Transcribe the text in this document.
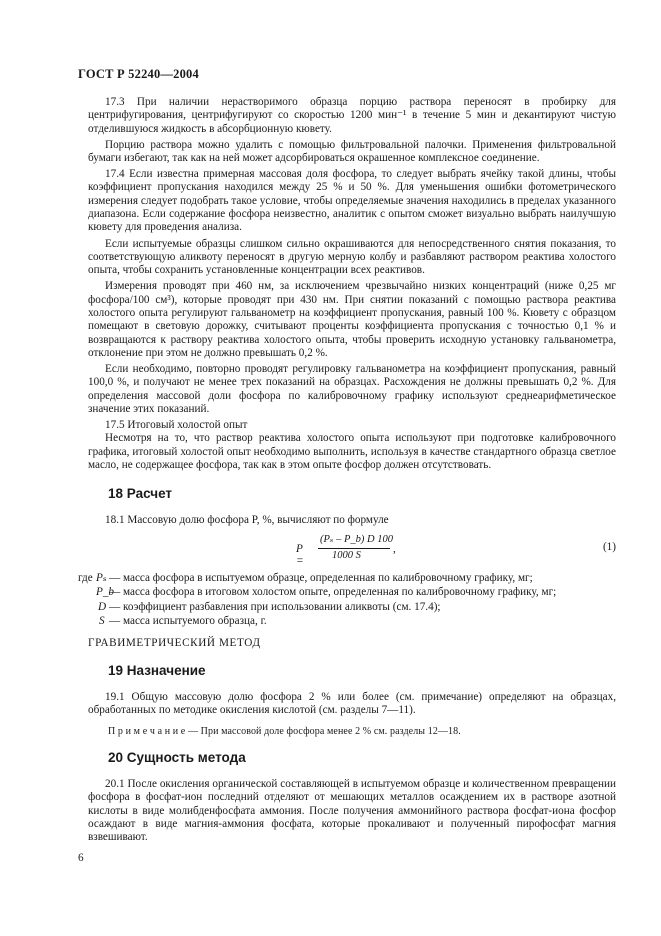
ГОСТ Р 52240—2004

17.3 При наличии нерастворимого образца порцию раствора переносят в пробирку для центрифугирования, центрифугируют со скоростью 1200 мин⁻¹ в течение 5 мин и декантируют чистую отделившуюся жидкость в абсорбционную кювету.

Порцию раствора можно удалить с помощью фильтровальной палочки. Применения фильтровальной бумаги избегают, так как на ней может адсорбироваться окрашенное комплексное соединение.

17.4 Если известна примерная массовая доля фосфора, то следует выбрать ячейку такой длины, чтобы коэффициент пропускания находился между 25 % и 50 %. Для уменьшения ошибки фотометрического измерения следует подобрать такое условие, чтобы определяемые значения находились в пределах указанного диапазона. Если содержание фосфора неизвестно, аналитик с опытом сможет визуально выбрать наилучшую кювету для проведения анализа.

Если испытуемые образцы слишком сильно окрашиваются для непосредственного снятия показания, то соответствующую аликвоту переносят в другую мерную колбу и разбавляют раствором реактива холостого опыта, чтобы сохранить установленные концентрации всех реактивов.

Измерения проводят при 460 нм, за исключением чрезвычайно низких концентраций (ниже 0,25 мг фосфора/100 см³), которые проводят при 430 нм. При снятии показаний с помощью раствора реактива холостого опыта регулируют гальванометр на коэффициент пропускания, равный 100 %. Кювету с образцом помещают в световую дорожку, считывают проценты коэффициента пропускания с точностью 0,1 % и возвращаются к раствору реактива холостого опыта, чтобы проверить исходную установку гальванометра, отклонение при этом не должно превышать 0,2 %.

Если необходимо, повторно проводят регулировку гальванометра на коэффициент пропускания, равный 100,0 %, и получают не менее трех показаний на образцах. Расхождения не должны превышать 0,2 %. Для определения массовой доли фосфора по калибровочному графику используют среднеарифметическое значение этих показаний.

17.5 Итоговый холостой опыт

Несмотря на то, что раствор реактива холостого опыта используют при подготовке калибровочного графика, итоговый холостой опыт необходимо выполнить, используя в качестве стандартного образца светлое масло, не содержащее фосфора, так как в этом опыте фосфор должен отсутствовать.

18 Расчет

18.1 Массовую долю фосфора P, %, вычисляют по формуле

P =
(Pₛ – P_b) D 100
1000 S
,	(1)
где Pₛ — масса фосфора в испытуемом образце, определенная по калибровочному графику, мг;
P_b
— масса фосфора в итоговом холостом опыте, определенная по калибровочному графику, мг;
D — коэффициент разбавления при использовании аликвоты (см. 17.4);
S — масса испытуемого образца, г.
ГРАВИМЕТРИЧЕСКИЙ МЕТОД
19 Назначение

19.1 Общую массовую долю фосфора 2 % или более (см. примечание) определяют на образцах, обработанных по методике окисления кислотой (см. разделы 7—11).

П р и м е ч а н и е — При массовой доле фосфора менее 2 % см. разделы 12—18.
20 Сущность метода

20.1 После окисления органической составляющей в испытуемом образце и количественном превращении фосфора в фосфат-ион последний отделяют от мешающих металлов осаждением их в растворе азотной кислоты в виде молибденфосфата аммония. После получения аммонийного раствора фосфат-иона фосфор осаждают в виде магния-аммония фосфата, которые прокаливают и полученный пирофосфат магния взвешивают.

6
